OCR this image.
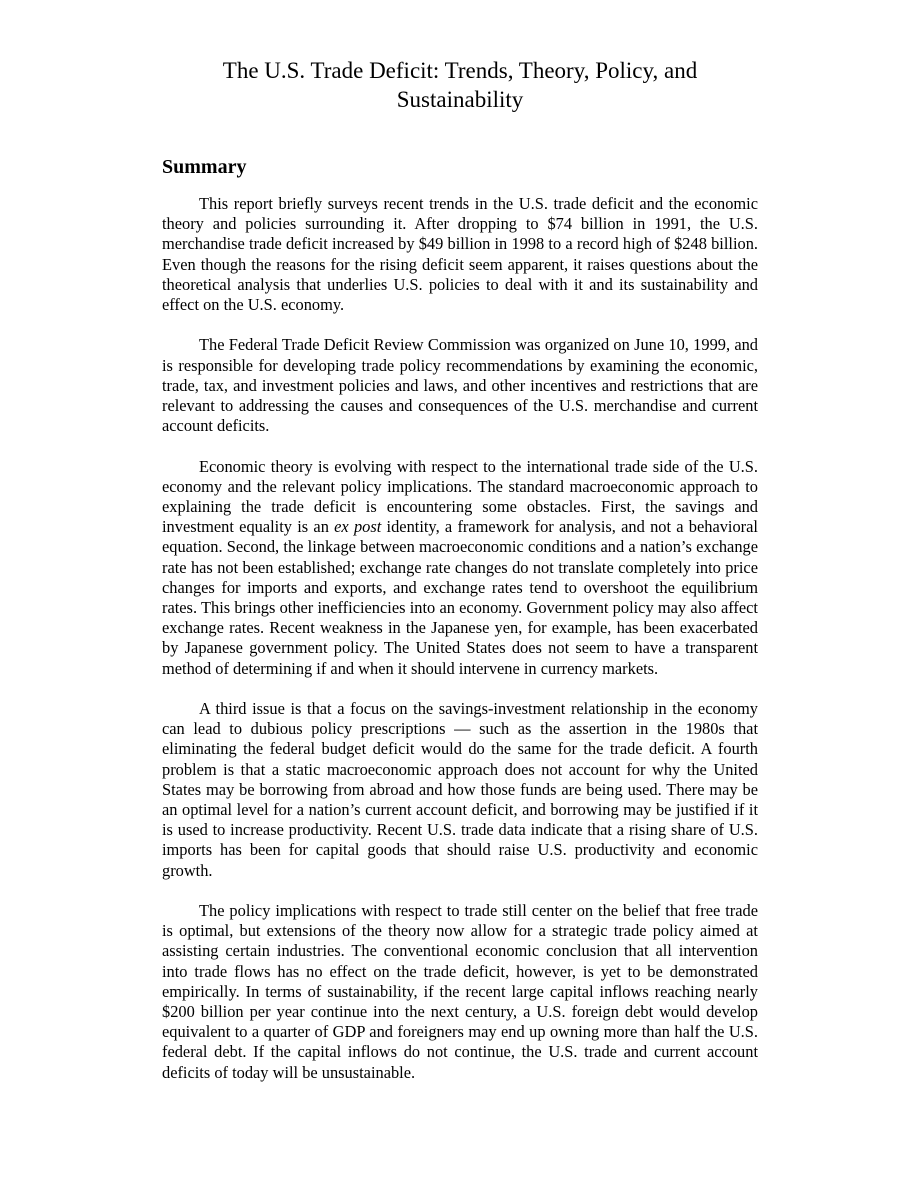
The U.S. Trade Deficit: Trends, Theory, Policy, and Sustainability
Summary

This report briefly surveys recent trends in the U.S. trade deficit and the economic theory and policies surrounding it. After dropping to $74 billion in 1991, the U.S. merchandise trade deficit increased by $49 billion in 1998 to a record high of $248 billion. Even though the reasons for the rising deficit seem apparent, it raises questions about the theoretical analysis that underlies U.S. policies to deal with it and its sustainability and effect on the U.S. economy.

The Federal Trade Deficit Review Commission was organized on June 10, 1999, and is responsible for developing trade policy recommendations by examining the economic, trade, tax, and investment policies and laws, and other incentives and restrictions that are relevant to addressing the causes and consequences of the U.S. merchandise and current account deficits.

Economic theory is evolving with respect to the international trade side of the U.S. economy and the relevant policy implications. The standard macroeconomic approach to explaining the trade deficit is encountering some obstacles. First, the savings and investment equality is an ex post identity, a framework for analysis, and not a behavioral equation. Second, the linkage between macroeconomic conditions and a nation’s exchange rate has not been established; exchange rate changes do not translate completely into price changes for imports and exports, and exchange rates tend to overshoot the equilibrium rates. This brings other inefficiencies into an economy. Government policy may also affect exchange rates. Recent weakness in the Japanese yen, for example, has been exacerbated by Japanese government policy. The United States does not seem to have a transparent method of determining if and when it should intervene in currency markets.

A third issue is that a focus on the savings-investment relationship in the economy can lead to dubious policy prescriptions — such as the assertion in the 1980s that eliminating the federal budget deficit would do the same for the trade deficit. A fourth problem is that a static macroeconomic approach does not account for why the United States may be borrowing from abroad and how those funds are being used. There may be an optimal level for a nation’s current account deficit, and borrowing may be justified if it is used to increase productivity. Recent U.S. trade data indicate that a rising share of U.S. imports has been for capital goods that should raise U.S. productivity and economic growth.

The policy implications with respect to trade still center on the belief that free trade is optimal, but extensions of the theory now allow for a strategic trade policy aimed at assisting certain industries. The conventional economic conclusion that all intervention into trade flows has no effect on the trade deficit, however, is yet to be demonstrated empirically. In terms of sustainability, if the recent large capital inflows reaching nearly $200 billion per year continue into the next century, a U.S. foreign debt would develop equivalent to a quarter of GDP and foreigners may end up owning more than half the U.S. federal debt. If the capital inflows do not continue, the U.S. trade and current account deficits of today will be unsustainable.
